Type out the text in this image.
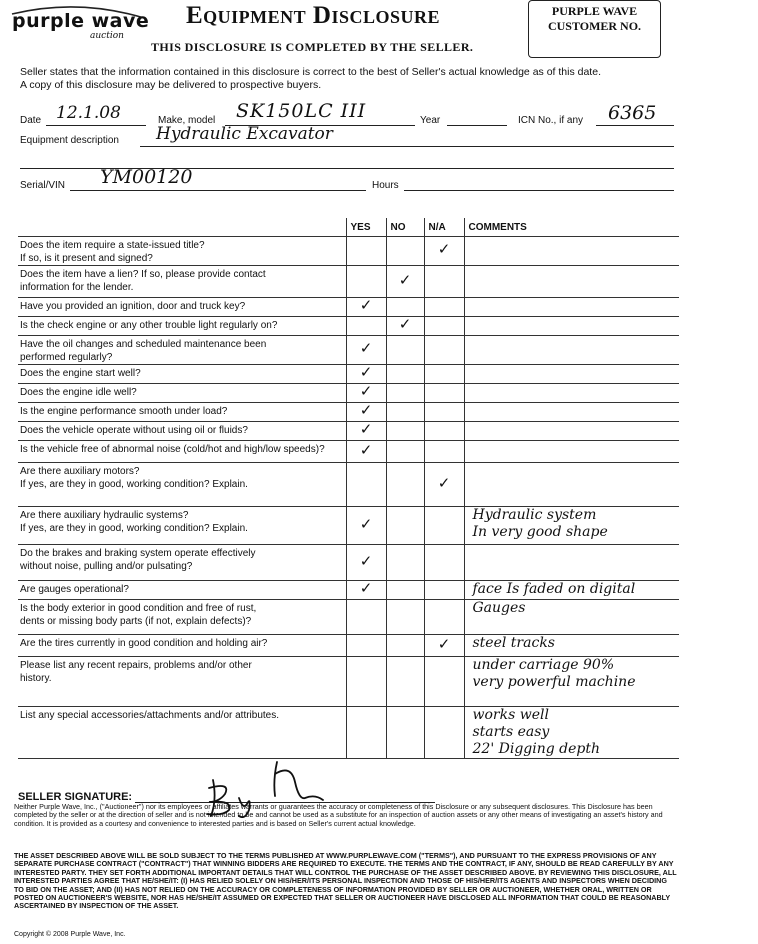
purple wave
auction
Equipment Disclosure
THIS DISCLOSURE IS COMPLETED BY THE SELLER.
PURPLE WAVE
CUSTOMER NO.
Seller states that the information contained in this disclosure is correct to the best of Seller's actual knowledge as of this date.
A copy of this disclosure may be delivered to prospective buyers.
Date 12.1.08	Make, model SK150LC III	Year	ICN No., if any 6365
Equipment description Hydraulic Excavator
Serial/VIN YM00120	Hours
	YES	NO	N/A	COMMENTS
Does the item require a state-issued title?
If so, is it present and signed?			✓	
Does the item have a lien? If so, please provide contact
information for the lender.		✓		
Have you provided an ignition, door and truck key?	✓			
Is the check engine or any other trouble light regularly on?		✓		
Have the oil changes and scheduled maintenance been
performed regularly?	✓			
Does the engine start well?	✓			
Does the engine idle well?	✓			
Is the engine performance smooth under load?	✓			
Does the vehicle operate without using oil or fluids?	✓			
Is the vehicle free of abnormal noise (cold/hot and high/low speeds)?	✓			
Are there auxiliary motors?
If yes, are they in good, working condition? Explain.			✓	
Are there auxiliary hydraulic systems?
If yes, are they in good, working condition? Explain.	✓			Hydraulic system
In very good shape
Do the brakes and braking system operate effectively
without noise, pulling and/or pulsating?	✓			
Are gauges operational?	✓			face Is faded on digital
Is the body exterior in good condition and free of rust,
dents or missing body parts (if not, explain defects)?				Gauges
Are the tires currently in good condition and holding air?			✓	steel tracks
Please list any recent repairs, problems and/or other
history.				under carriage 90%
very powerful machine
List any special accessories/attachments and/or attributes.				works well
starts easy
22' Digging depth
SELLER SIGNATURE:
Neither Purple Wave, Inc., ("Auctioneer") nor its employees or affiliates warrants or guarantees the accuracy or completeness of this Disclosure or any subsequent disclosures. This Disclosure has been completed by the seller or at the direction of seller and is not intended to be and cannot be used as a substitute for an inspection of auction assets or any other means of investigating an asset's history and condition. It is provided as a courtesy and convenience to interested parties and is based on Seller's current actual knowledge.
THE ASSET DESCRIBED ABOVE WILL BE SOLD SUBJECT TO THE TERMS PUBLISHED AT WWW.PURPLEWAVE.COM ("TERMS"), AND PURSUANT TO THE EXPRESS PROVISIONS OF ANY SEPARATE PURCHASE CONTRACT ("CONTRACT") THAT WINNING BIDDERS ARE REQUIRED TO EXECUTE. THE TERMS AND THE CONTRACT, IF ANY, SHOULD BE READ CAREFULLY BY ANY INTERESTED PARTY. THEY SET FORTH ADDITIONAL IMPORTANT DETAILS THAT WILL CONTROL THE PURCHASE OF THE ASSET DESCRIBED ABOVE. BY REVIEWING THIS DISCLOSURE, ALL INTERESTED PARTIES AGREE THAT HE/SHE/IT: (I) HAS RELIED SOLELY ON HIS/HER/ITS PERSONAL INSPECTION AND THOSE OF HIS/HER/ITS AGENTS AND INSPECTORS WHEN DECIDING TO BID ON THE ASSET; AND (II) HAS NOT RELIED ON THE ACCURACY OR COMPLETENESS OF INFORMATION PROVIDED BY SELLER OR AUCTIONEER, WHETHER ORAL, WRITTEN OR POSTED ON AUCTIONEER'S WEBSITE, NOR HAS HE/SHE/IT ASSUMED OR EXPECTED THAT SELLER OR AUCTIONEER HAVE DISCLOSED ALL INFORMATION THAT COULD BE REASONABLY ASCERTAINED BY INSPECTION OF THE ASSET.
Copyright © 2008 Purple Wave, Inc.
